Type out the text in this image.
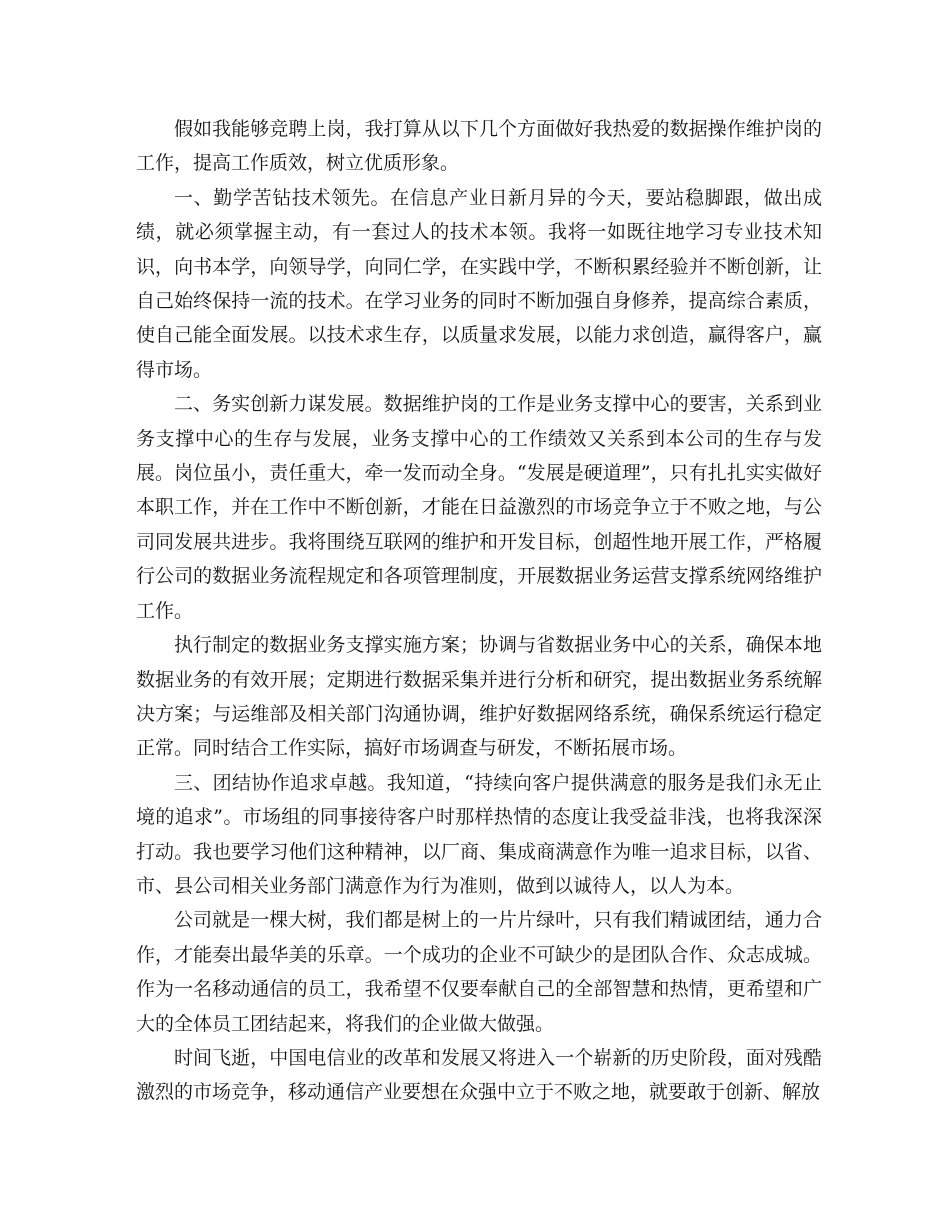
假如我能够竞聘上岗，我打算从以下几个方面做好我热爱的数据操作维护岗的工作，提高工作质效，树立优质形象。

一、勤学苦钻技术领先。在信息产业日新月异的今天，要站稳脚跟，做出成绩，就必须掌握主动，有一套过人的技术本领。我将一如既往地学习专业技术知识，向书本学，向领导学，向同仁学，在实践中学，不断积累经验并不断创新，让自己始终保持一流的技术。在学习业务的同时不断加强自身修养，提高综合素质，使自己能全面发展。以技术求生存，以质量求发展，以能力求创造，赢得客户，赢得市场。

二、务实创新力谋发展。数据维护岗的工作是业务支撑中心的要害，关系到业务支撑中心的生存与发展，业务支撑中心的工作绩效又关系到本公司的生存与发展。岗位虽小，责任重大，牵一发而动全身。“发展是硬道理”，只有扎扎实实做好本职工作，并在工作中不断创新，才能在日益激烈的市场竞争立于不败之地，与公司同发展共进步。我将围绕互联网的维护和开发目标，创超性地开展工作，严格履行公司的数据业务流程规定和各项管理制度，开展数据业务运营支撑系统网络维护工作。

执行制定的数据业务支撑实施方案；协调与省数据业务中心的关系，确保本地数据业务的有效开展；定期进行数据采集并进行分析和研究，提出数据业务系统解决方案；与运维部及相关部门沟通协调，维护好数据网络系统，确保系统运行稳定正常。同时结合工作实际，搞好市场调查与研发，不断拓展市场。

三、团结协作追求卓越。我知道，“持续向客户提供满意的服务是我们永无止境的追求”。市场组的同事接待客户时那样热情的态度让我受益非浅，也将我深深打动。我也要学习他们这种精神，以厂商、集成商满意作为唯一追求目标，以省、市、县公司相关业务部门满意作为行为准则，做到以诚待人，以人为本。

公司就是一棵大树，我们都是树上的一片片绿叶，只有我们精诚团结，通力合作，才能奏出最华美的乐章。一个成功的企业不可缺少的是团队合作、众志成城。作为一名移动通信的员工，我希望不仅要奉献自己的全部智慧和热情，更希望和广大的全体员工团结起来，将我们的企业做大做强。

时间飞逝，中国电信业的改革和发展又将进入一个崭新的历史阶段，面对残酷激烈的市场竞争，移动通信产业要想在众强中立于不败之地，就要敢于创新、解放
